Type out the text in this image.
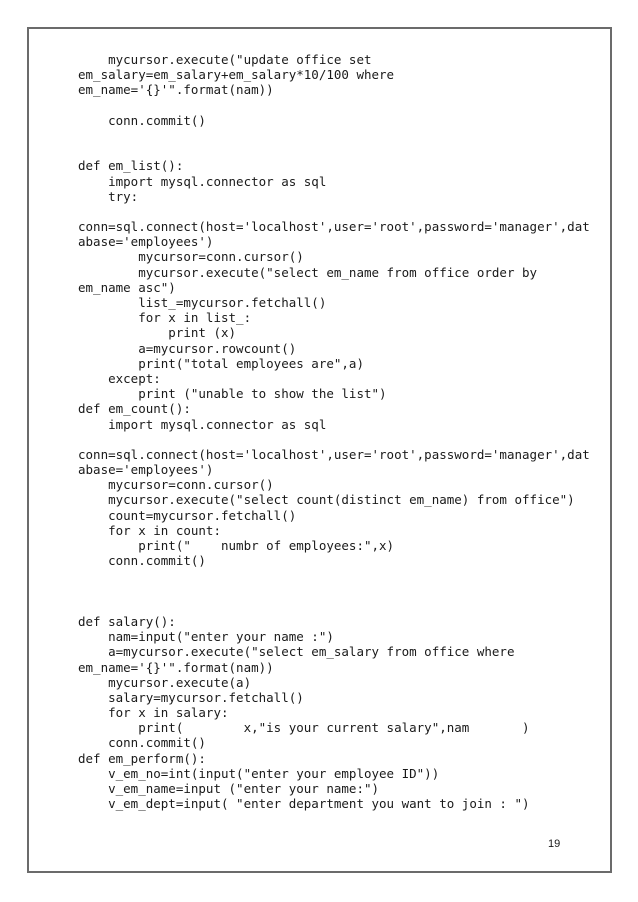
mycursor.execute("update office set
em_salary=em_salary+em_salary*10/100 where
em_name='{}'".format(nam))
conn.commit()
def em_list():
import mysql.connector as sql
try:
conn=sql.connect(host='localhost',user='root',password='manager',dat
abase='employees')
mycursor=conn.cursor()
mycursor.execute("select em_name from office order by
em_name asc")
list_=mycursor.fetchall()
for x in list_:
print (x)
a=mycursor.rowcount()
print("total employees are",a)
except:
print ("unable to show the list")
def em_count():
import mysql.connector as sql
conn=sql.connect(host='localhost',user='root',password='manager',dat
abase='employees')
mycursor=conn.cursor()
mycursor.execute("select count(distinct em_name) from office")
count=mycursor.fetchall()
for x in count:
print("    numbr of employees:",x)
conn.commit()
def salary():
nam=input("enter your name :")
a=mycursor.execute("select em_salary from office where
em_name='{}'".format(nam))
mycursor.execute(a)
salary=mycursor.fetchall()
for x in salary:
print(        x,"is your current salary",nam       )
conn.commit()
def em_perform():
v_em_no=int(input("enter your employee ID"))
v_em_name=input ("enter your name:")
v_em_dept=input( "enter department you want to join : ")
19
